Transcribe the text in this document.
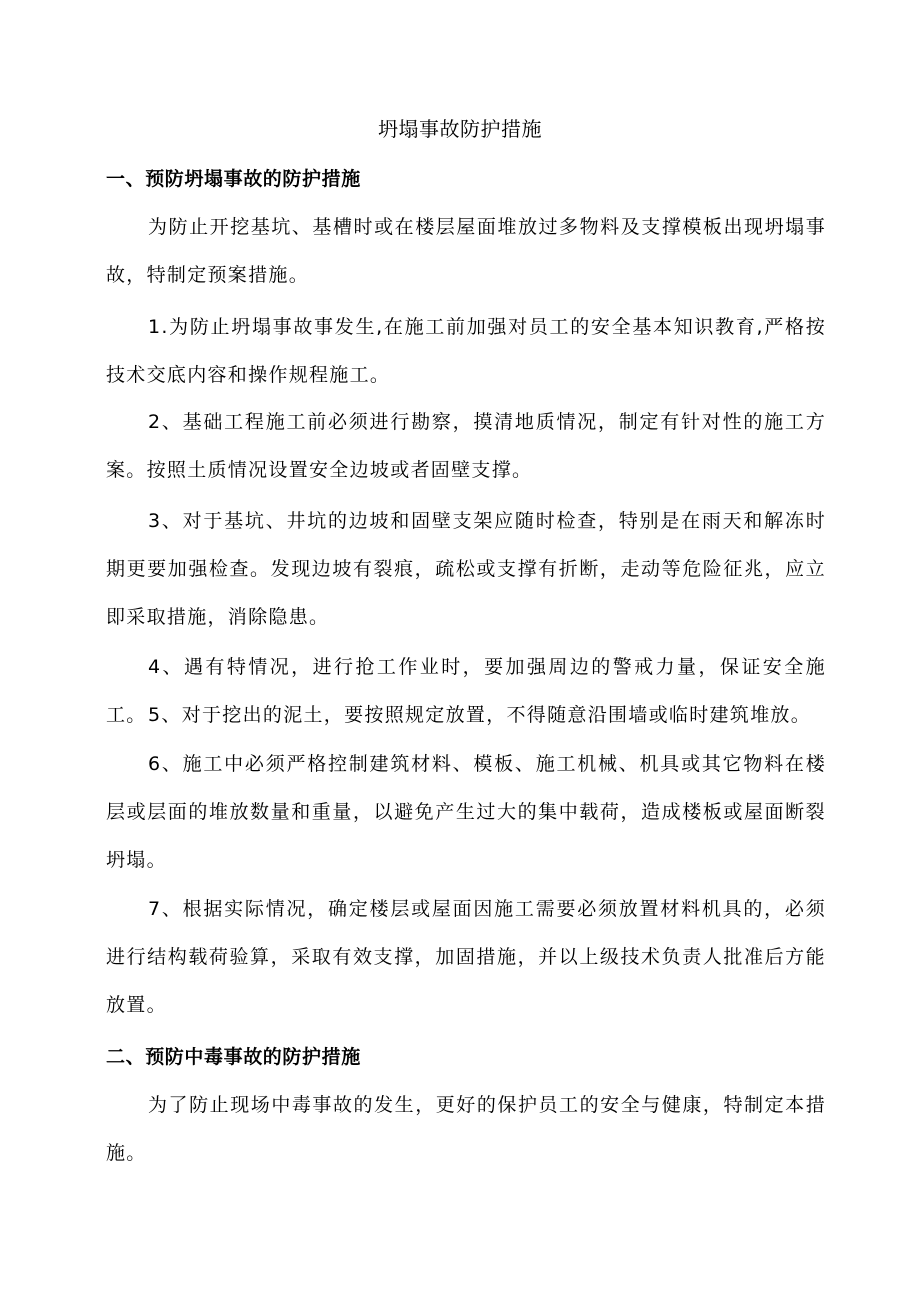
坍塌事故防护措施
一、预防坍塌事故的防护措施
为防止开挖基坑、基槽时或在楼层屋面堆放过多物料及支撑模板出现坍塌事故，特制定预案措施。
1.为防止坍塌事故事发生,在施工前加强对员工的安全基本知识教育,严格按技术交底内容和操作规程施工。
2、基础工程施工前必须进行勘察，摸清地质情况，制定有针对性的施工方案。按照土质情况设置安全边坡或者固壁支撑。
3、对于基坑、井坑的边坡和固壁支架应随时检查，特别是在雨天和解冻时期更要加强检查。发现边坡有裂痕，疏松或支撑有折断，走动等危险征兆，应立即采取措施，消除隐患。
4、遇有特情况，进行抢工作业时，要加强周边的警戒力量，保证安全施工。 5、对于挖出的泥土，要按照规定放置，不得随意沿围墙或临时建筑堆放。
6、施工中必须严格控制建筑材料、模板、施工机械、机具或其它物料在楼层或层面的堆放数量和重量，以避免产生过大的集中载荷，造成楼板或屋面断裂坍塌。
7、根据实际情况，确定楼层或屋面因施工需要必须放置材料机具的，必须进行结构载荷验算，采取有效支撑，加固措施，并以上级技术负责人批准后方能放置。
二、预防中毒事故的防护措施
为了防止现场中毒事故的发生，更好的保护员工的安全与健康，特制定本措施。
